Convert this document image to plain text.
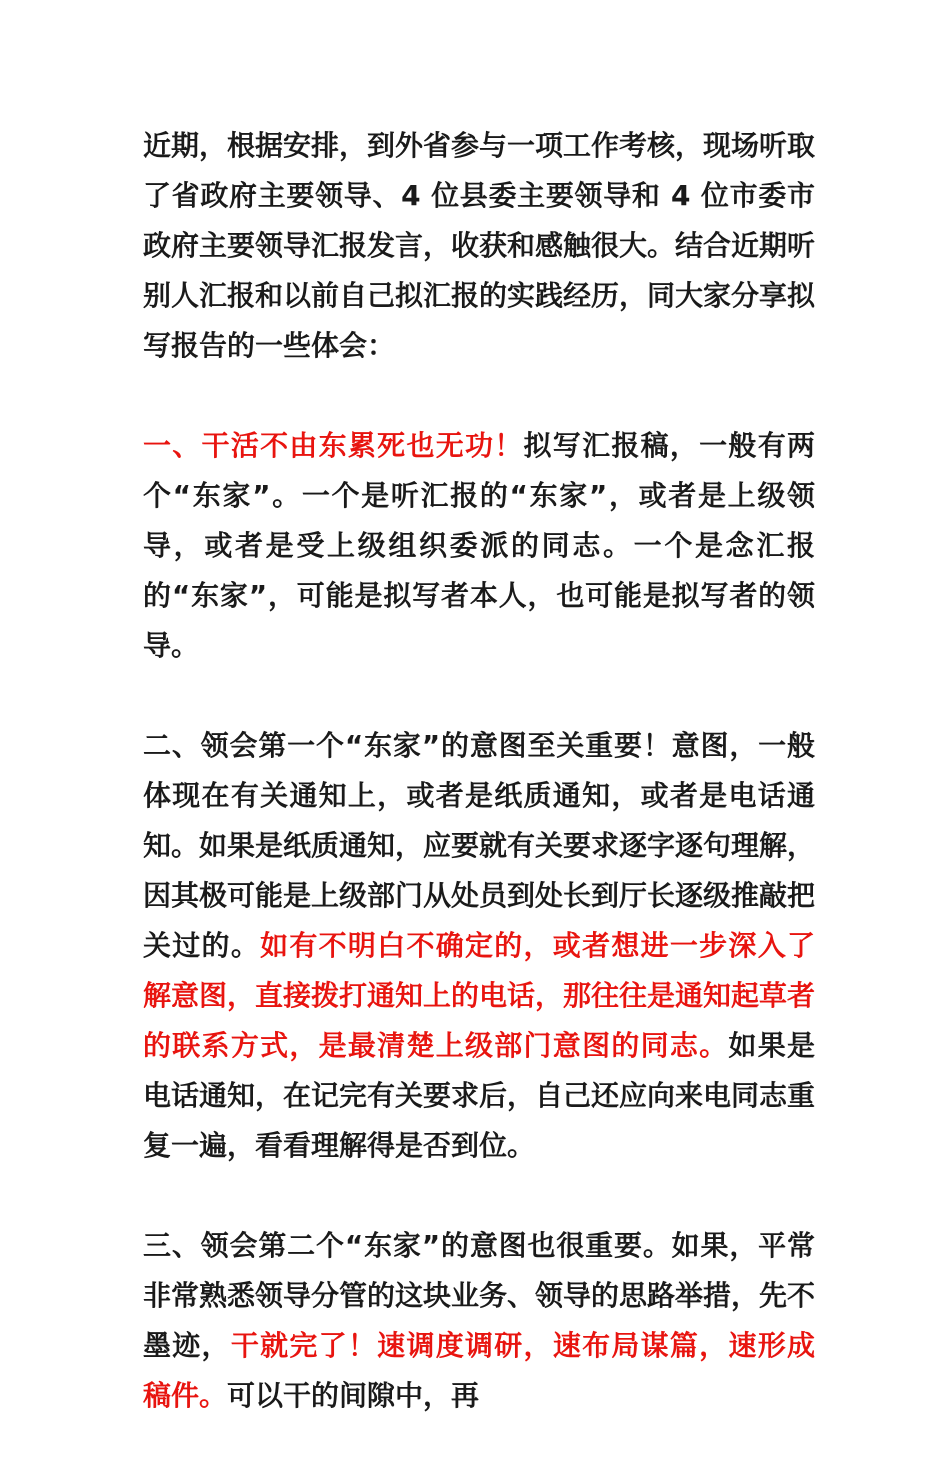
近期，根据安排，到外省参与一项工作考核，现场听取了省政府主要领导、4 位县委主要领导和 4 位市委市政府主要领导汇报发言，收获和感触很大。结合近期听别人汇报和以前自己拟汇报的实践经历，同大家分享拟写报告的一些体会：

一、干活不由东累死也无功！拟写汇报稿，一般有两个“东家”。一个是听汇报的“东家”，或者是上级领导，或者是受上级组织委派的同志。一个是念汇报的“东家”，可能是拟写者本人，也可能是拟写者的领导。

二、领会第一个“东家”的意图至关重要！意图，一般体现在有关通知上，或者是纸质通知，或者是电话通知。如果是纸质通知，应要就有关要求逐字逐句理解，因其极可能是上级部门从处员到处长到厅长逐级推敲把关过的。如有不明白不确定的，或者想进一步深入了解意图，直接拨打通知上的电话，那往往是通知起草者的联系方式，是最清楚上级部门意图的同志。如果是电话通知，在记完有关要求后，自己还应向来电同志重复一遍，看看理解得是否到位。

三、领会第二个“东家”的意图也很重要。如果，平常非常熟悉领导分管的这块业务、领导的思路举措，先不墨迹，干就完了！速调度调研，速布局谋篇，速形成稿件。可以干的间隙中，再
